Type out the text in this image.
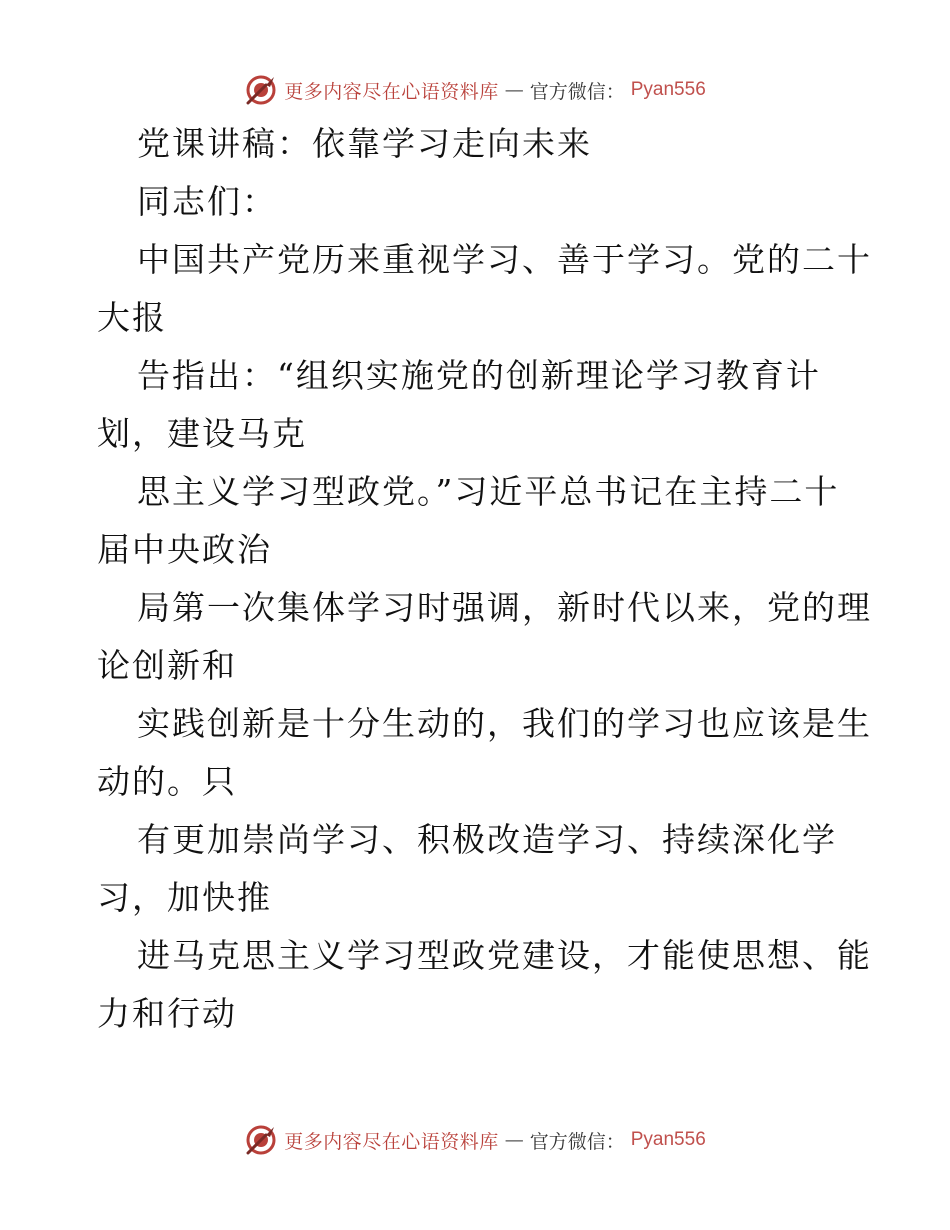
更多内容尽在心语资料库 — 官方微信： Pyan556
党课讲稿：依靠学习走向未来
同志们：
中国共产党历来重视学习、善于学习。党的二十
大报
告指出：“组织实施党的创新理论学习教育计
划，建设马克
思主义学习型政党。”习近平总书记在主持二十
届中央政治
局第一次集体学习时强调，新时代以来，党的理
论创新和
实践创新是十分生动的，我们的学习也应该是生
动的。只
有更加崇尚学习、积极改造学习、持续深化学
习，加快推
进马克思主义学习型政党建设，才能使思想、能
力和行动
更多内容尽在心语资料库 — 官方微信： Pyan556
